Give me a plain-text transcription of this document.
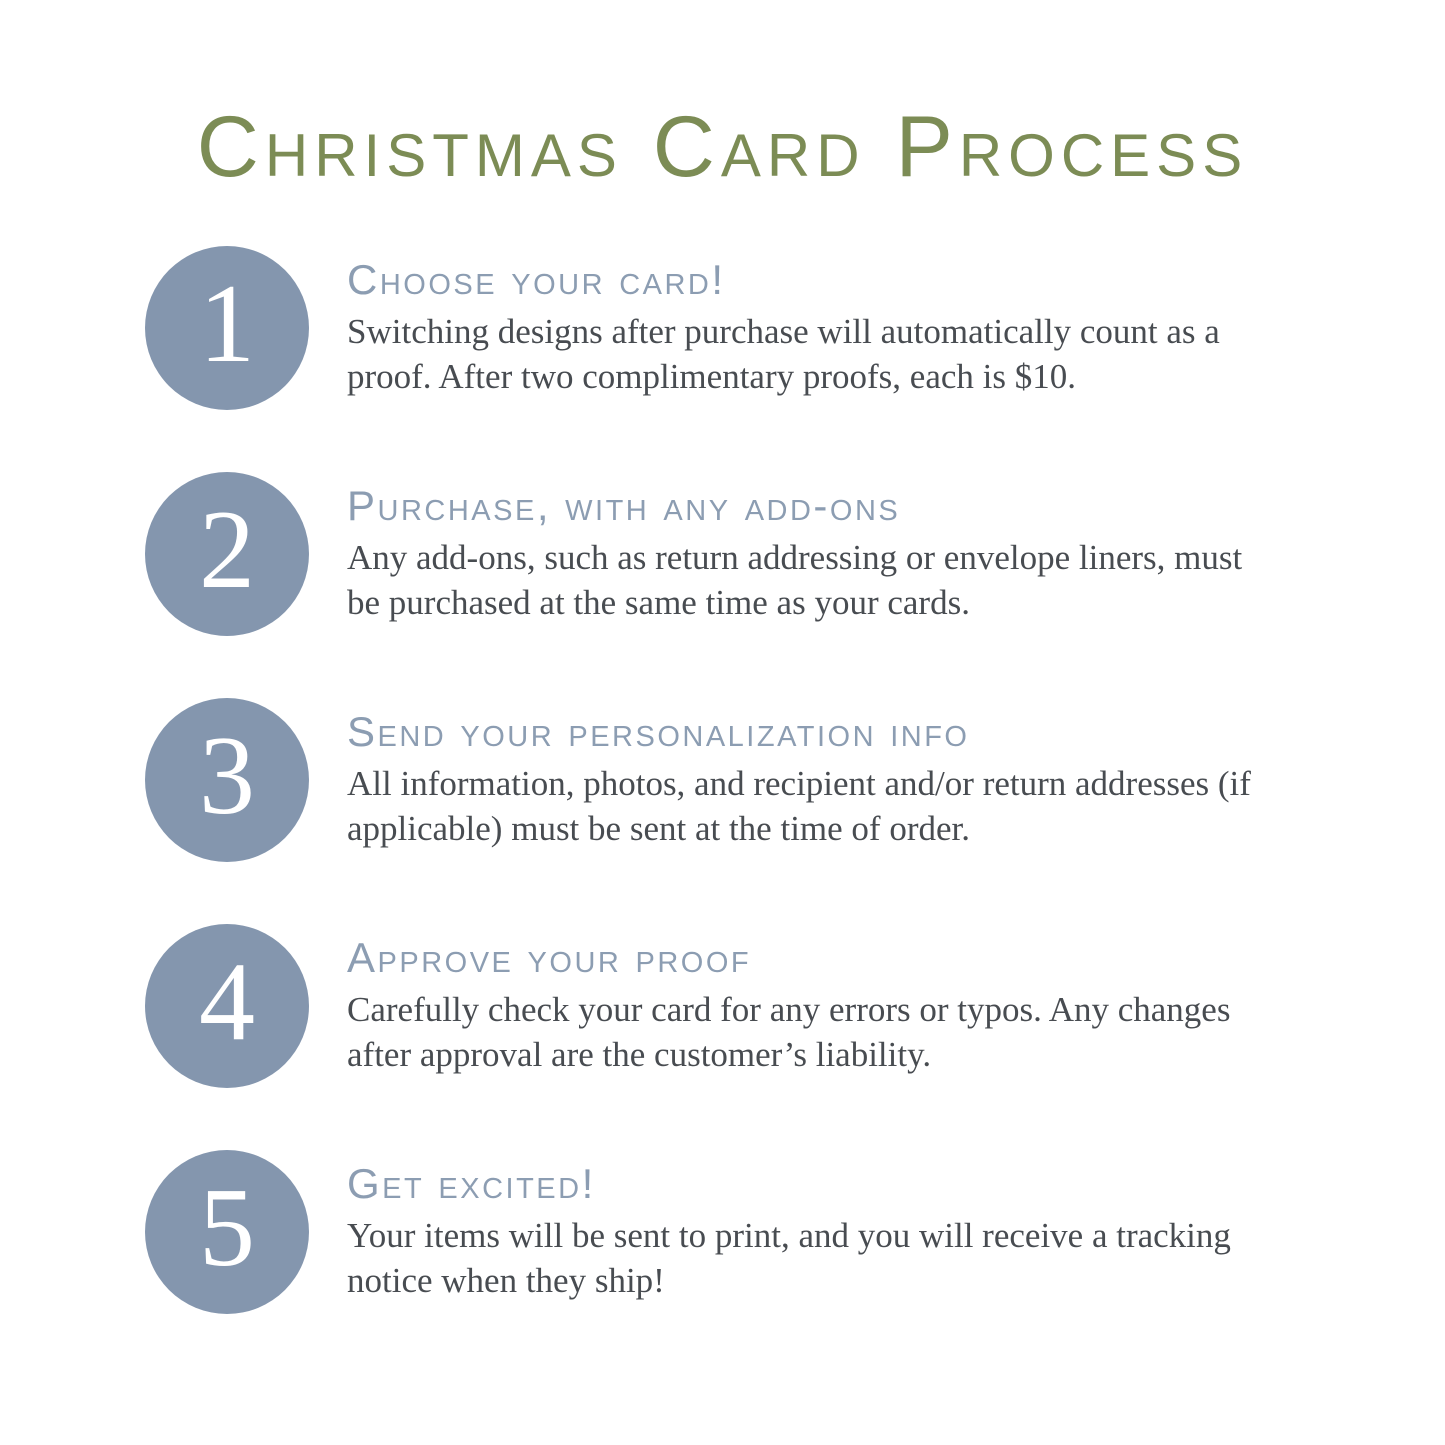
Christmas Card Process
1 Choose your card!
Switching designs after purchase will automatically count as a proof. After two complimentary proofs, each is $10.
2 Purchase, with any add-ons
Any add-ons, such as return addressing or envelope liners, must be purchased at the same time as your cards.
3 Send your personalization info
All information, photos, and recipient and/or return addresses (if applicable) must be sent at the time of order.
4 Approve your proof
Carefully check your card for any errors or typos. Any changes after approval are the customer’s liability.
5 Get excited!
Your items will be sent to print, and you will receive a tracking notice when they ship!
